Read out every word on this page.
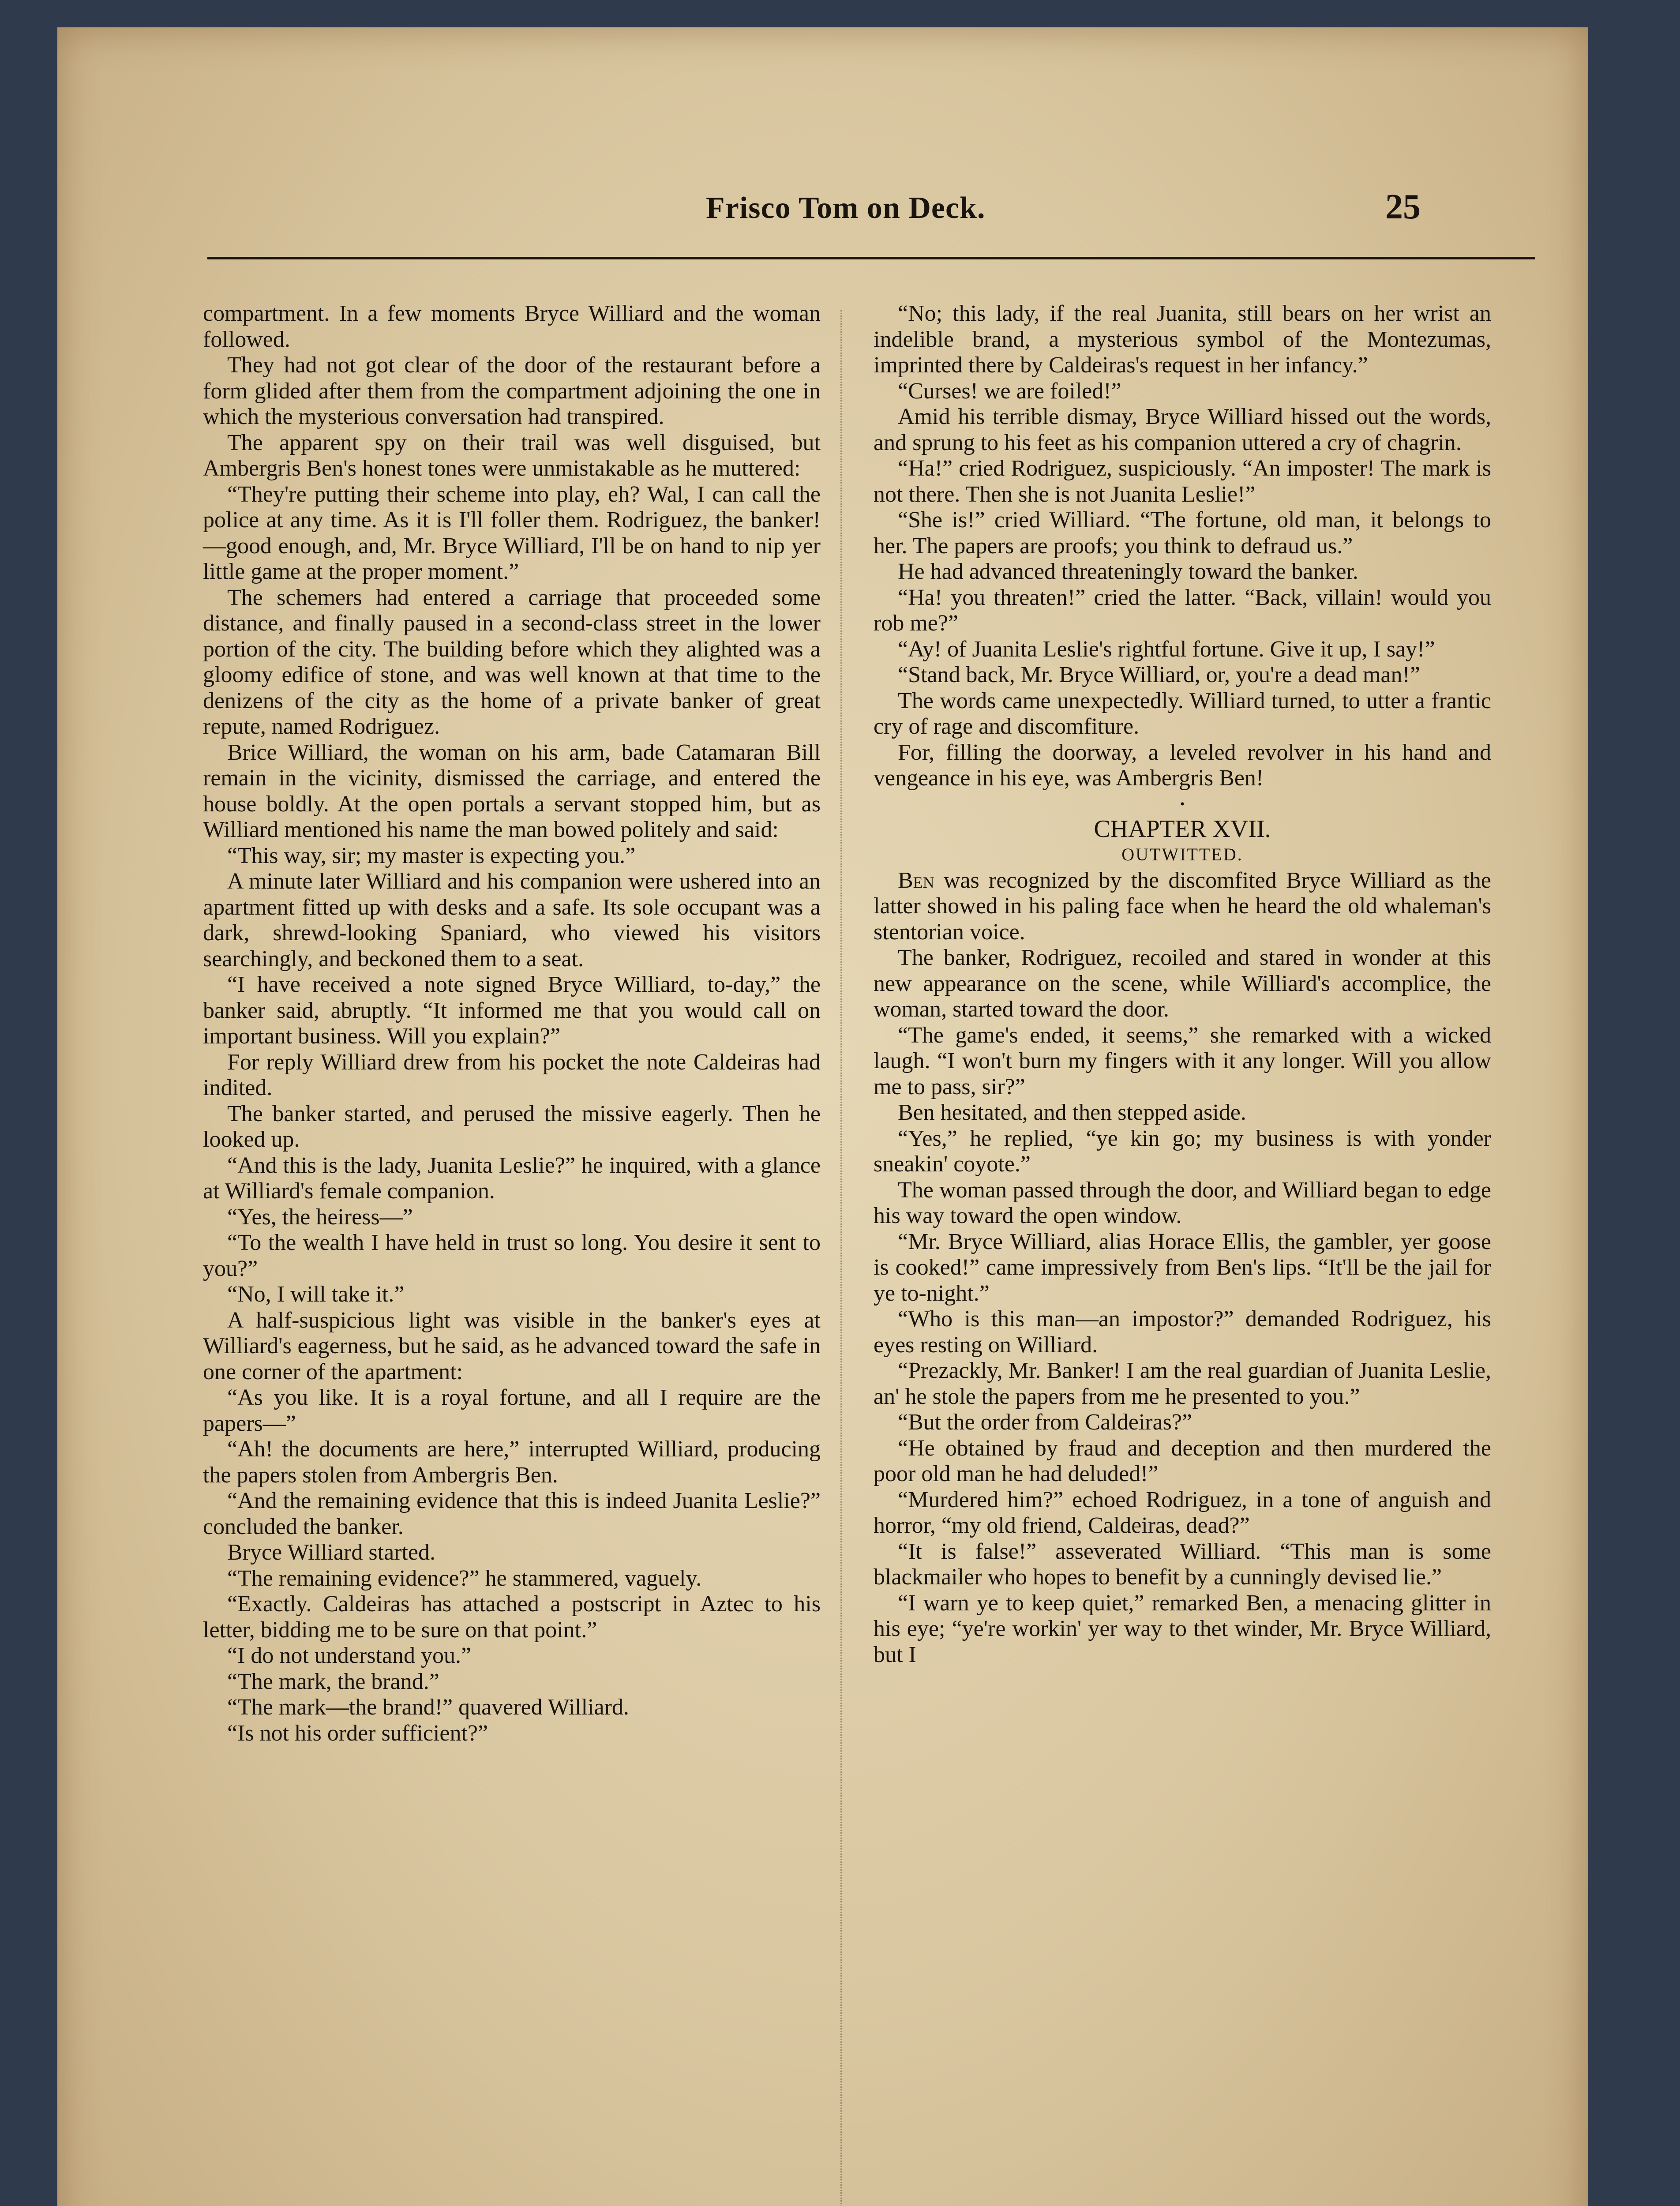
Frisco Tom on Deck.	25

compartment. In a few moments Bryce Williard and the woman followed.

They had not got clear of the door of the restaurant before a form glided after them from the compartment adjoining the one in which the mysterious conversation had transpired.

The apparent spy on their trail was well disguised, but Ambergris Ben's honest tones were unmistakable as he muttered:

“They're putting their scheme into play, eh? Wal, I can call the police at any time. As it is I'll foller them. Rodriguez, the banker!—good enough, and, Mr. Bryce Williard, I'll be on hand to nip yer little game at the proper moment.”

The schemers had entered a carriage that proceeded some distance, and finally paused in a second-class street in the lower portion of the city. The building before which they alighted was a gloomy edifice of stone, and was well known at that time to the denizens of the city as the home of a private banker of great repute, named Rodriguez.

Brice Williard, the woman on his arm, bade Catamaran Bill remain in the vicinity, dismissed the carriage, and entered the house boldly. At the open portals a servant stopped him, but as Williard mentioned his name the man bowed politely and said:

“This way, sir; my master is expecting you.”

A minute later Williard and his companion were ushered into an apartment fitted up with desks and a safe. Its sole occupant was a dark, shrewd-looking Spaniard, who viewed his visitors searchingly, and beckoned them to a seat.

“I have received a note signed Bryce Williard, to-day,” the banker said, abruptly. “It informed me that you would call on important business. Will you explain?”

For reply Williard drew from his pocket the note Caldeiras had indited.

The banker started, and perused the missive eagerly. Then he looked up.

“And this is the lady, Juanita Leslie?” he inquired, with a glance at Williard's female companion.

“Yes, the heiress—”

“To the wealth I have held in trust so long. You desire it sent to you?”

“No, I will take it.”

A half-suspicious light was visible in the banker's eyes at Williard's eagerness, but he said, as he advanced toward the safe in one corner of the apartment:

“As you like. It is a royal fortune, and all I require are the papers—”

“Ah! the documents are here,” interrupted Williard, producing the papers stolen from Ambergris Ben.

“And the remaining evidence that this is indeed Juanita Leslie?” concluded the banker.

Bryce Williard started.

“The remaining evidence?” he stammered, vaguely.

“Exactly. Caldeiras has attached a postscript in Aztec to his letter, bidding me to be sure on that point.”

“I do not understand you.”

“The mark, the brand.”

“The mark—the brand!” quavered Williard.

“Is not his order sufficient?”

“No; this lady, if the real Juanita, still bears on her wrist an indelible brand, a mysterious symbol of the Montezumas, imprinted there by Caldeiras's request in her infancy.”

“Curses! we are foiled!”

Amid his terrible dismay, Bryce Williard hissed out the words, and sprung to his feet as his companion uttered a cry of chagrin.

“Ha!” cried Rodriguez, suspiciously. “An imposter! The mark is not there. Then she is not Juanita Leslie!”

“She is!” cried Williard. “The fortune, old man, it belongs to her. The papers are proofs; you think to defraud us.”

He had advanced threateningly toward the banker.

“Ha! you threaten!” cried the latter. “Back, villain! would you rob me?”

“Ay! of Juanita Leslie's rightful fortune. Give it up, I say!”

“Stand back, Mr. Bryce Williard, or, you're a dead man!”

The words came unexpectedly. Williard turned, to utter a frantic cry of rage and discomfiture.

For, filling the doorway, a leveled revolver in his hand and vengeance in his eye, was Ambergris Ben!

•

CHAPTER XVII.

OUTWITTED.

Ben was recognized by the discomfited Bryce Williard as the latter showed in his paling face when he heard the old whaleman's stentorian voice.

The banker, Rodriguez, recoiled and stared in wonder at this new appearance on the scene, while Williard's accomplice, the woman, started toward the door.

“The game's ended, it seems,” she remarked with a wicked laugh. “I won't burn my fingers with it any longer. Will you allow me to pass, sir?”

Ben hesitated, and then stepped aside.

“Yes,” he replied, “ye kin go; my business is with yonder sneakin' coyote.”

The woman passed through the door, and Williard began to edge his way toward the open window.

“Mr. Bryce Williard, alias Horace Ellis, the gambler, yer goose is cooked!” came impressively from Ben's lips. “It'll be the jail for ye to-night.”

“Who is this man—an impostor?” demanded Rodriguez, his eyes resting on Williard.

“Prezackly, Mr. Banker! I am the real guardian of Juanita Leslie, an' he stole the papers from me he presented to you.”

“But the order from Caldeiras?”

“He obtained by fraud and deception and then murdered the poor old man he had deluded!”

“Murdered him?” echoed Rodriguez, in a tone of anguish and horror, “my old friend, Caldeiras, dead?”

“It is false!” asseverated Williard. “This man is some blackmailer who hopes to benefit by a cunningly devised lie.”

“I warn ye to keep quiet,” remarked Ben, a menacing glitter in his eye; “ye're workin' yer way to thet winder, Mr. Bryce Williard, but I
